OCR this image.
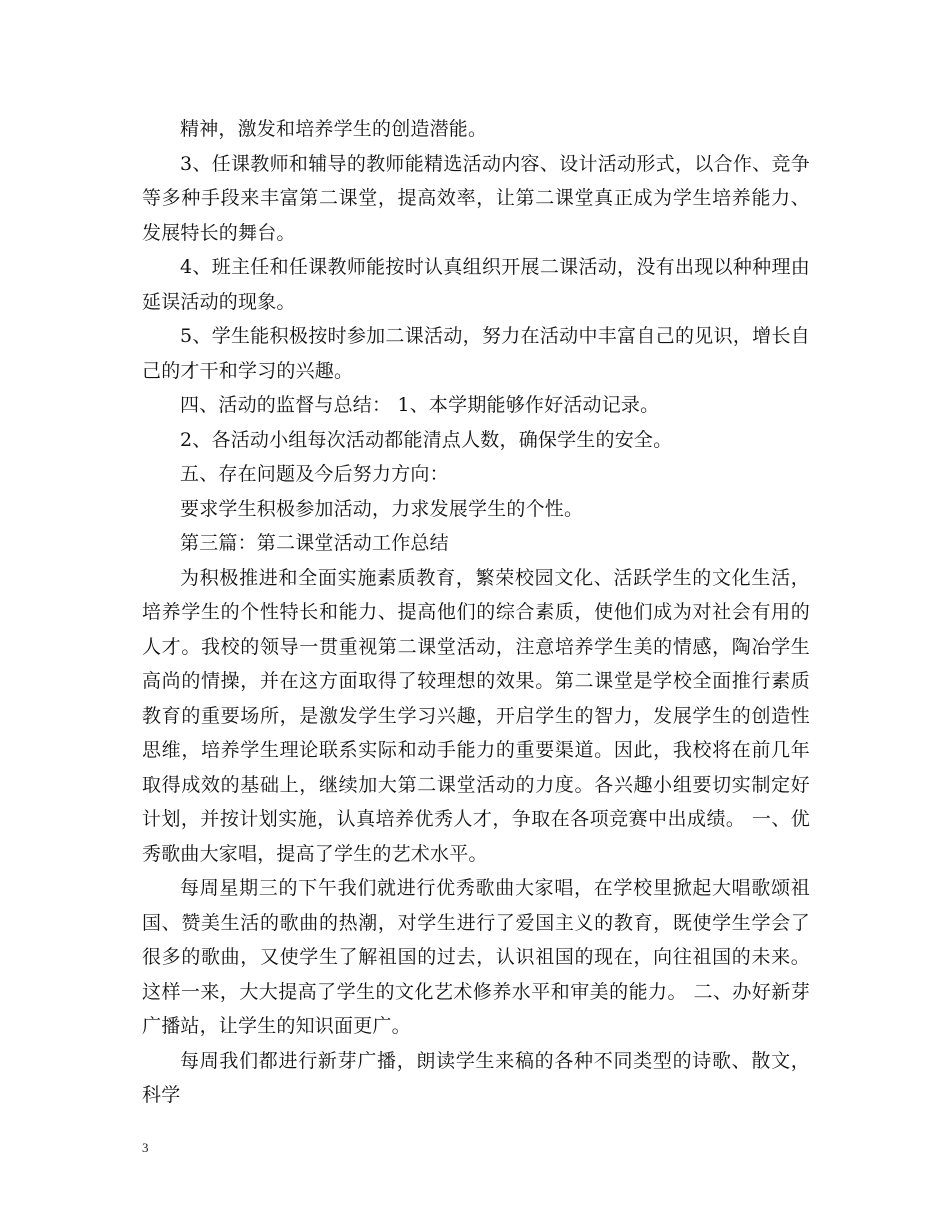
精神，激发和培养学生的创造潜能。

3、任课教师和辅导的教师能精选活动内容、设计活动形式，以合作、竞争等多种手段来丰富第二课堂，提高效率，让第二课堂真正成为学生培养能力、发展特长的舞台。

4、班主任和任课教师能按时认真组织开展二课活动，没有出现以种种理由延误活动的现象。

5、学生能积极按时参加二课活动，努力在活动中丰富自己的见识，增长自己的才干和学习的兴趣。

四、活动的监督与总结： 1、本学期能够作好活动记录。

2、各活动小组每次活动都能清点人数，确保学生的安全。

五、存在问题及今后努力方向：

要求学生积极参加活动，力求发展学生的个性。

第三篇：第二课堂活动工作总结

为积极推进和全面实施素质教育，繁荣校园文化、活跃学生的文化生活，培养学生的个性特长和能力、提高他们的综合素质，使他们成为对社会有用的人才。我校的领导一贯重视第二课堂活动，注意培养学生美的情感，陶冶学生高尚的情操，并在这方面取得了较理想的效果。第二课堂是学校全面推行素质教育的重要场所，是激发学生学习兴趣，开启学生的智力，发展学生的创造性思维，培养学生理论联系实际和动手能力的重要渠道。因此，我校将在前几年取得成效的基础上，继续加大第二课堂活动的力度。各兴趣小组要切实制定好计划，并按计划实施，认真培养优秀人才，争取在各项竞赛中出成绩。 一、优秀歌曲大家唱，提高了学生的艺术水平。

每周星期三的下午我们就进行优秀歌曲大家唱，在学校里掀起大唱歌颂祖国、赞美生活的歌曲的热潮，对学生进行了爱国主义的教育，既使学生学会了很多的歌曲，又使学生了解祖国的过去，认识祖国的现在，向往祖国的未来。这样一来，大大提高了学生的文化艺术修养水平和审美的能力。 二、办好新芽广播站，让学生的知识面更广。

每周我们都进行新芽广播，朗读学生来稿的各种不同类型的诗歌、散文，科学

3
